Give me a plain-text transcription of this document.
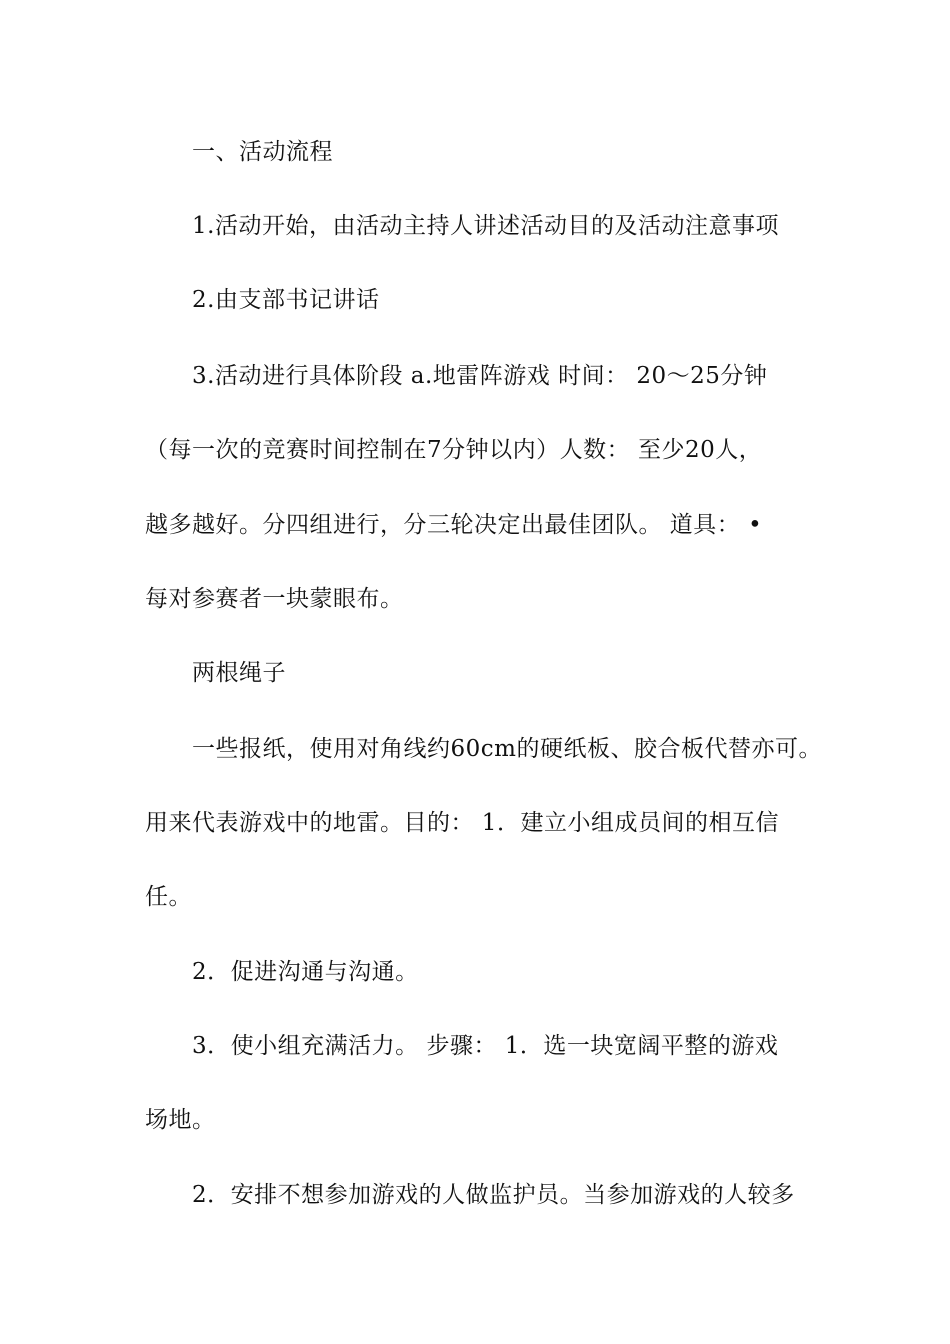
一、活动流程
1.活动开始，由活动主持人讲述活动目的及活动注意事项
2.由支部书记讲话
3.活动进行具体阶段 a.地雷阵游戏 时间： 20～25分钟
（每一次的竞赛时间控制在7分钟以内）人数： 至少20人，
越多越好。分四组进行，分三轮决定出最佳团队。 道具： •
每对参赛者一块蒙眼布。
两根绳子
一些报纸，使用对角线约60cm的硬纸板、胶合板代替亦可。
用来代表游戏中的地雷。目的： 1．建立小组成员间的相互信
任。
2．促进沟通与沟通。
3．使小组充满活力。 步骤： 1．选一块宽阔平整的游戏
场地。
2．安排不想参加游戏的人做监护员。当参加游戏的人较多
